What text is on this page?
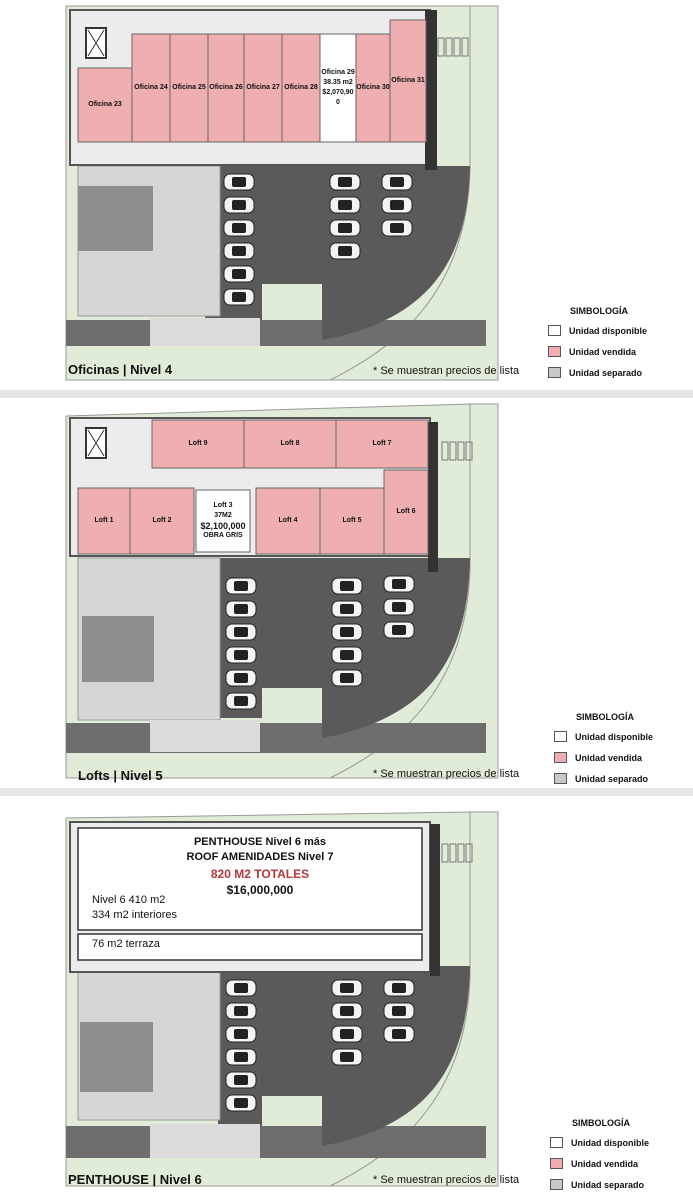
Oficina 23
Oficina 24 Oficina 25 Oficina 26 Oficina 27 Oficina 28
Oficina 29
38.35 m2
$2,070,90
0
Oficina 30
Oficina 31
Oficinas | Nivel 4	* Se muestran precios de lista
SIMBOLOGÍA
Unidad disponible
Unidad vendida
Unidad separado
Loft 9	Loft 8	Loft 7
Loft 1	Loft 2
Loft 3
37M2
$2,100,000
OBRA GRIS
Loft 4	Loft 5
Loft 6
Lofts | Nivel 5	* Se muestran precios de lista
SIMBOLOGÍA
Unidad disponible
Unidad vendida
Unidad separado
PENTHOUSE Nivel 6 más
ROOF AMENIDADES Nivel 7
820 M2 TOTALES
$16,000,000
Nivel 6 410 m2
334 m2 interiores
76 m2 terraza
PENTHOUSE | Nivel 6	* Se muestran precios de lista
SIMBOLOGÍA
Unidad disponible
Unidad vendida
Unidad separado
